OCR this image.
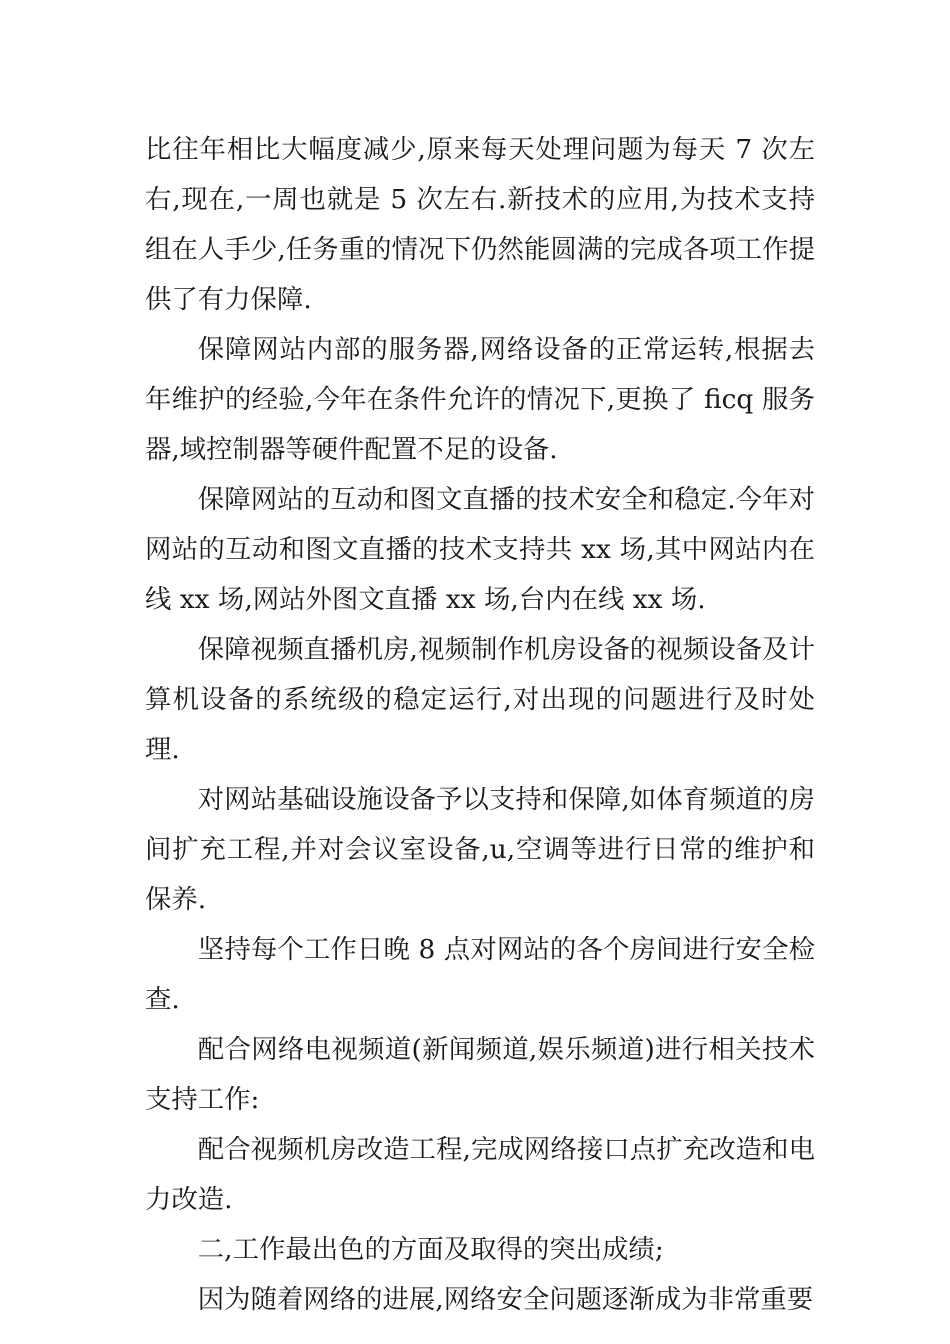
比往年相比大幅度减少,原来每天处理问题为每天 7 次左右,现在,一周也就是 5 次左右.新技术的应用,为技术支持组在人手少,任务重的情况下仍然能圆满的完成各项工作提供了有力保障.

保障网站内部的服务器,网络设备的正常运转,根据去年维护的经验,今年在条件允许的情况下,更换了 ficq 服务器,域控制器等硬件配置不足的设备.

保障网站的互动和图文直播的技术安全和稳定.今年对网站的互动和图文直播的技术支持共 xx 场,其中网站内在线 xx 场,网站外图文直播 xx 场,台内在线 xx 场.

保障视频直播机房,视频制作机房设备的视频设备及计算机设备的系统级的稳定运行,对出现的问题进行及时处理.

对网站基础设施设备予以支持和保障,如体育频道的房间扩充工程,并对会议室设备,u,空调等进行日常的维护和保养.

坚持每个工作日晚 8 点对网站的各个房间进行安全检查.

配合网络电视频道(新闻频道,娱乐频道)进行相关技术支持工作:

配合视频机房改造工程,完成网络接口点扩充改造和电力改造.

二,工作最出色的方面及取得的突出成绩;

因为随着网络的进展,网络安全问题逐渐成为非常重要
